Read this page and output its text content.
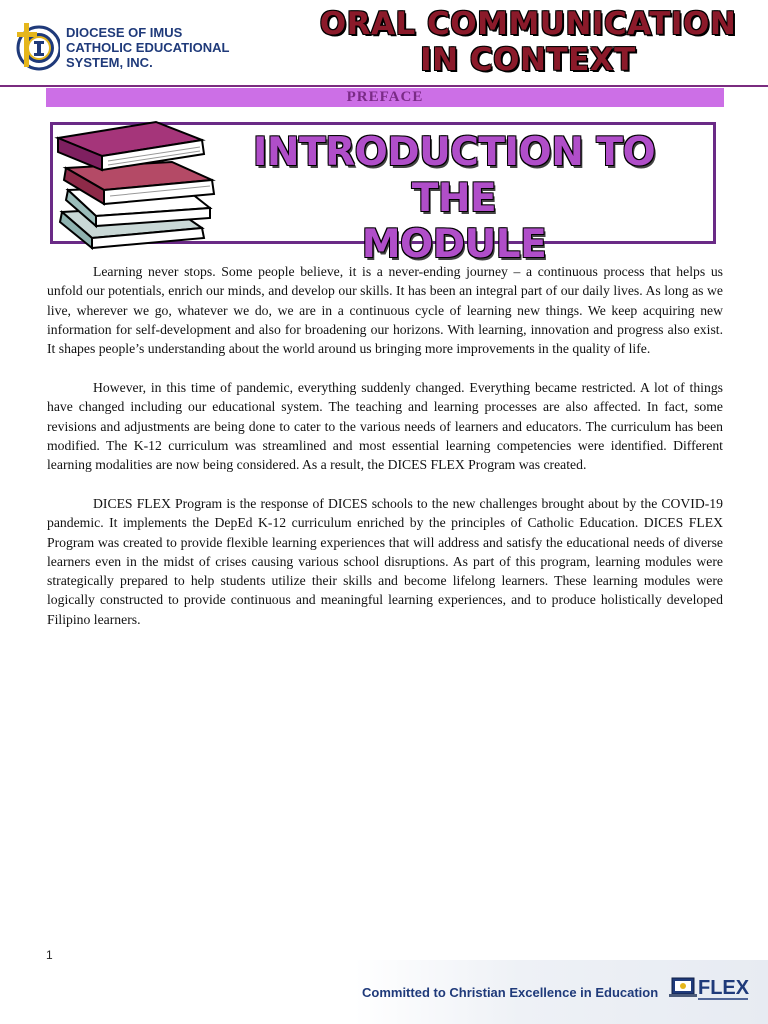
DIOCESE OF IMUS
CATHOLIC EDUCATIONAL
SYSTEM, INC.
ORAL COMMUNICATION
IN CONTEXT
PREFACE
INTRODUCTION TO THE
MODULE

Learning never stops. Some people believe, it is a never-ending journey – a continuous process that helps us unfold our potentials, enrich our minds, and develop our skills. It has been an integral part of our daily lives. As long as we live, wherever we go, whatever we do, we are in a continuous cycle of learning new things. We keep acquiring new information for self-development and also for broadening our horizons. With learning, innovation and progress also exist. It shapes people’s understanding about the world around us bringing more improvements in the quality of life.

However, in this time of pandemic, everything suddenly changed. Everything became restricted. A lot of things have changed including our educational system. The teaching and learning processes are also affected. In fact, some revisions and adjustments are being done to cater to the various needs of learners and educators. The curriculum has been modified. The K-12 curriculum was streamlined and most essential learning competencies were identified. Different learning modalities are now being considered. As a result, the DICES FLEX Program was created.

DICES FLEX Program is the response of DICES schools to the new challenges brought about by the COVID-19 pandemic. It implements the DepEd K-12 curriculum enriched by the principles of Catholic Education. DICES FLEX Program was created to provide flexible learning experiences that will address and satisfy the educational needs of diverse learners even in the midst of crises causing various school disruptions. As part of this program, learning modules were strategically prepared to help students utilize their skills and become lifelong learners. These learning modules were logically constructed to provide continuous and meaningful learning experiences, and to produce holistically developed Filipino learners.

1
Committed to Christian Excellence in Education FLEX
